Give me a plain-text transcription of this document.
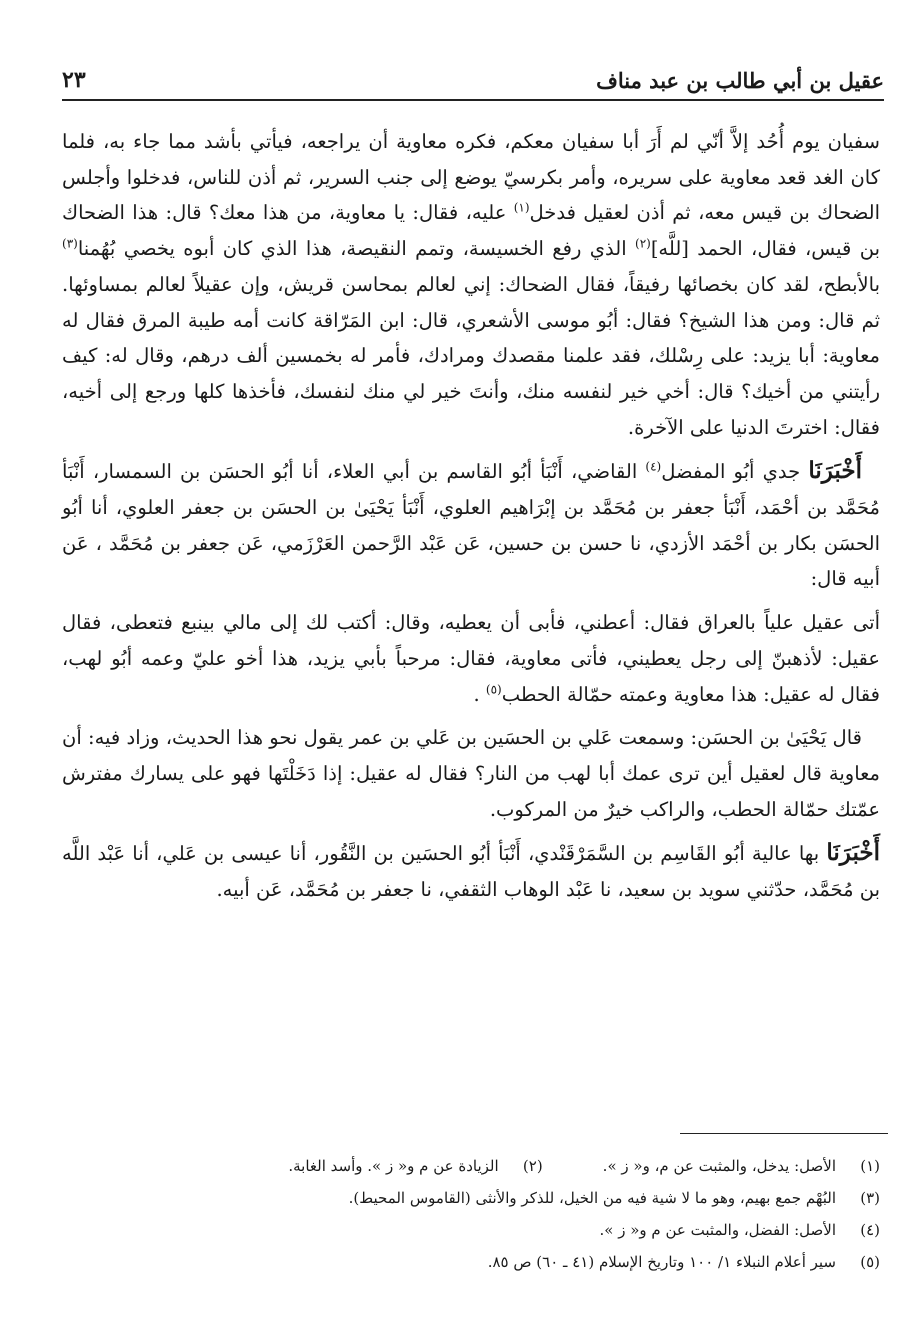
عقيل بن أبي طالب بن عبد مناف
٢٣

سفيان يوم أُحُد إلاَّ أنّي لم أَرَ أبا سفيان معكم، فكره معاوية أن يراجعه، فيأتي بأشد مما جاء به، فلما كان الغد قعد معاوية على سريره، وأمر بكرسيّ يوضع إلى جنب السرير، ثم أذن للناس، فدخلوا وأجلس الضحاك بن قيس معه، ثم أذن لعقيل فدخل$^{(١)}$ عليه، فقال: يا معاوية، من هذا معك؟ قال: هذا الضحاك بن قيس، فقال، الحمد [للَّه]$^{(٢)}$ الذي رفع الخسيسة، وتمم النقيصة، هذا الذي كان أبوه يخصي بُهُمنا$^{(٣)}$ بالأبطح، لقد كان بخصائها رفيقاً، فقال الضحاك: إني لعالم بمحاسن قريش، وإن عقيلاً لعالم بمساوئها. ثم قال: ومن هذا الشيخ؟ فقال: أبُو موسى الأشعري، قال: ابن المَرّاقة كانت أمه طيبة المرق فقال له معاوية: أبا يزيد: على رِسْلك، فقد علمنا مقصدك ومرادك، فأمر له بخمسين ألف درهم، وقال له: كيف رأيتني من أخيك؟ قال: أخي خير لنفسه منك، وأنتَ خير لي منك لنفسك، فأخذها كلها ورجع إلى أخيه، فقال: اخترتَ الدنيا على الآخرة.

أَخْبَرَنَا جدي أبُو المفضل$^{(٤)}$ القاضي، أَنْبَأ أبُو القاسم بن أبي العلاء، أنا أبُو الحسَن بن السمسار، أَنْبَأ مُحَمَّد بن أحْمَد، أَنْبَأ جعفر بن مُحَمَّد بن إبْرَاهيم العلوي، أَنْبَأ يَحْيَىٰ بن الحسَن بن جعفر العلوي، أنا أبُو الحسَن بكار بن أحْمَد الأزدي، نا حسن بن حسين، عَن عَبْد الرَّحمن العَرْزَمي، عَن جعفر بن مُحَمَّد ، عَن أبيه قال:

أتى عقيل علياً بالعراق فقال: أعطني، فأبى أن يعطيه، وقال: أكتب لك إلى مالي بينبع فتعطى، فقال عقيل: لأذهبنّ إلى رجل يعطيني، فأتى معاوية، فقال: مرحباً بأبي يزيد، هذا أخو عليّ وعمه أبُو لهب، فقال له عقيل: هذا معاوية وعمته حمّالة الحطب$^{(٥)}$ .

قال يَحْيَىٰ بن الحسَن: وسمعت عَلي بن الحسَين بن عَلي بن عمر يقول نحو هذا الحديث، وزاد فيه: أن معاوية قال لعقيل أين ترى عمك أبا لهب من النار؟ فقال له عقيل: إذا دَخَلْتَها فهو على يسارك مفترش عمّتك حمّالة الحطب، والراكب خيرٌ من المركوب.

أَخْبَرَنَا بها عالية أبُو القَاسِم بن السَّمَرْقَنْدي، أَنْبَأ أبُو الحسَين بن النَّقُور، أنا عيسى بن عَلي، أنا عَبْد اللَّه بن مُحَمَّد، حدّثني سويد بن سعيد، نا عَبْد الوهاب الثقفي، نا جعفر بن مُحَمَّد، عَن أبيه.

(١)
الأصل: يدخل، والمثبت عن م، و« ز ».
(٢)
الزيادة عن م و« ز ». وأسد الغابة.
(٣)
البُهْم جمع بهيم، وهو ما لا شية فيه من الخيل، للذكر والأنثى (القاموس المحيط).
(٤)
الأصل: الفضل، والمثبت عن م و« ز ».
(٥)
سير أعلام النبلاء ١/ ١٠٠ وتاريخ الإسلام (٤١ ـ ٦٠) ص ٨٥.
